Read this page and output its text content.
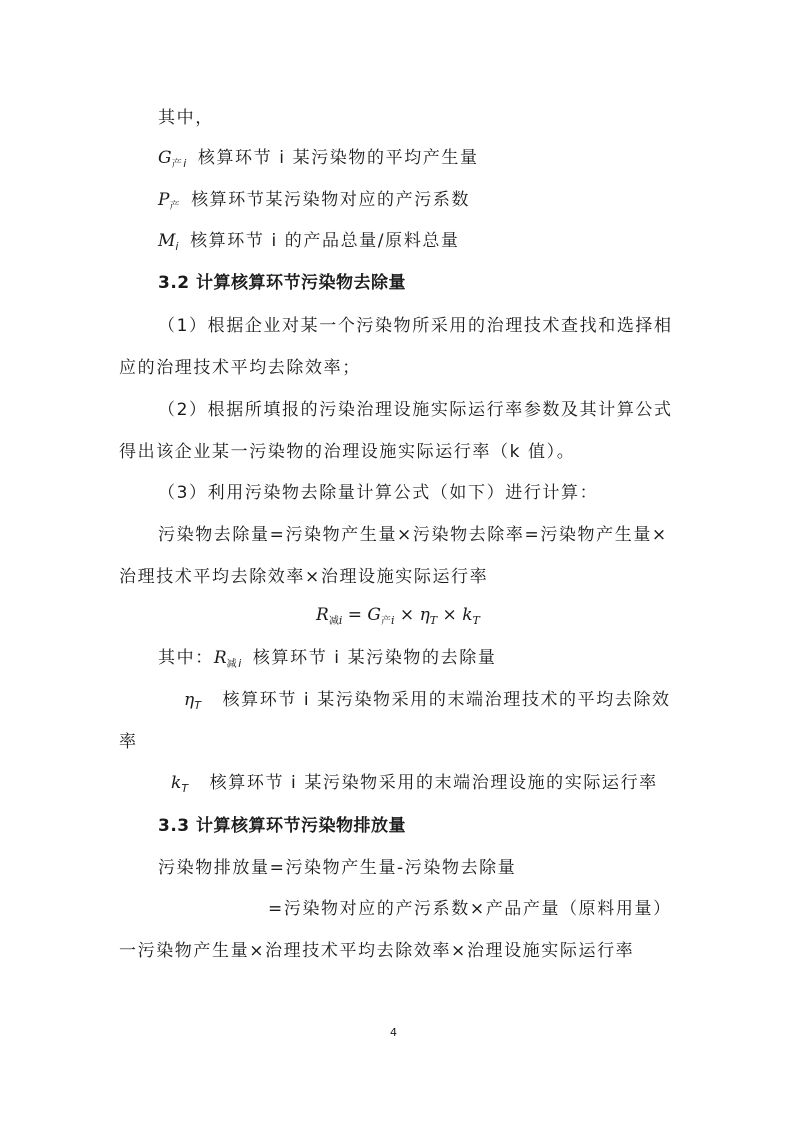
其中，
$G_{产i}$ 核算环节 i 某污染物的平均产生量
$P_产$ 核算环节某污染物对应的产污系数
$M_i$ 核算环节 i 的产品总量/原料总量
3.2 计算核算环节污染物去除量
（1）根据企业对某一个污染物所采用的治理技术查找和选择相
应的治理技术平均去除效率；
（2）根据所填报的污染治理设施实际运行率参数及其计算公式
得出该企业某一污染物的治理设施实际运行率（k 值）。
（3）利用污染物去除量计算公式（如下）进行计算：
污染物去除量=污染物产生量×污染物去除率=污染物产生量×
治理技术平均去除效率×治理设施实际运行率
$R_{减i} = G_{产i} \times \eta_T \times k_T$
其中：$R_{减i}$ 核算环节 i 某污染物的去除量
$\eta_T$ 核算环节 i 某污染物采用的末端治理技术的平均去除效
率
$k_T$ 核算环节 i 某污染物采用的末端治理设施的实际运行率
3.3 计算核算环节污染物排放量
污染物排放量=污染物产生量-污染物去除量
=污染物对应的产污系数×产品产量（原料用量）
一污染物产生量×治理技术平均去除效率×治理设施实际运行率
4
